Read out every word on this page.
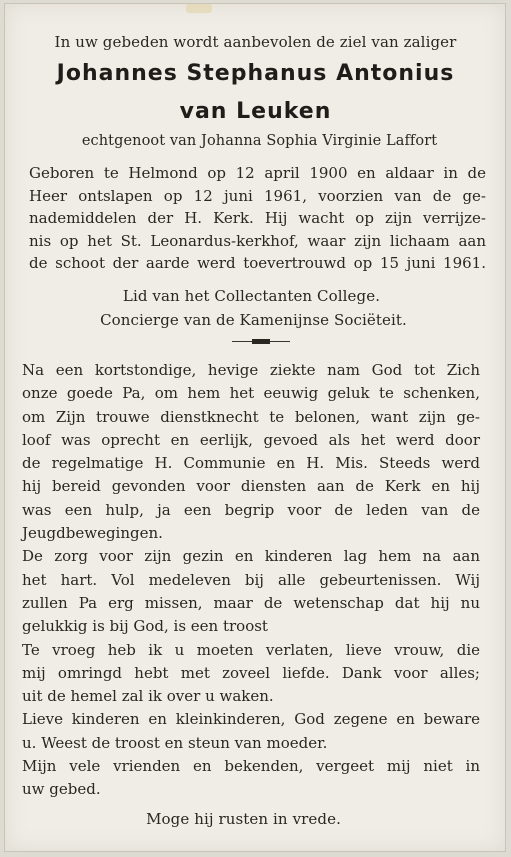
In uw gebeden wordt aanbevolen de ziel van zaliger
Johannes Stephanus Antonius
van Leuken
echtgenoot van Johanna Sophia Virginie Laffort
Geboren te Helmond op 12 april 1900 en aldaar in de
Heer ontslapen op 12 juni 1961, voorzien van de ge-
nademiddelen der H. Kerk. Hij wacht op zijn verrijze-
nis op het St. Leonardus-kerkhof, waar zijn lichaam aan
de schoot der aarde werd toevertrouwd op 15 juni 1961.
Lid van het Collectanten College.
Concierge van de Kamenijnse Sociëteit.
Na een kortstondige, hevige ziekte nam God tot Zich
onze goede Pa, om hem het eeuwig geluk te schenken,
om Zijn trouwe dienstknecht te belonen, want zijn ge-
loof was oprecht en eerlijk, gevoed als het werd door
de regelmatige H. Communie en H. Mis. Steeds werd
hij bereid gevonden voor diensten aan de Kerk en hij
was een hulp, ja een begrip voor de leden van de
Jeugdbewegingen.
De zorg voor zijn gezin en kinderen lag hem na aan
het hart. Vol medeleven bij alle gebeurtenissen. Wij
zullen Pa erg missen, maar de wetenschap dat hij nu
gelukkig is bij God, is een troost
Te vroeg heb ik u moeten verlaten, lieve vrouw, die
mij omringd hebt met zoveel liefde. Dank voor alles;
uit de hemel zal ik over u waken.
Lieve kinderen en kleinkinderen, God zegene en beware
u. Weest de troost en steun van moeder.
Mijn vele vrienden en bekenden, vergeet mij niet in
uw gebed.
Moge hij rusten in vrede.
